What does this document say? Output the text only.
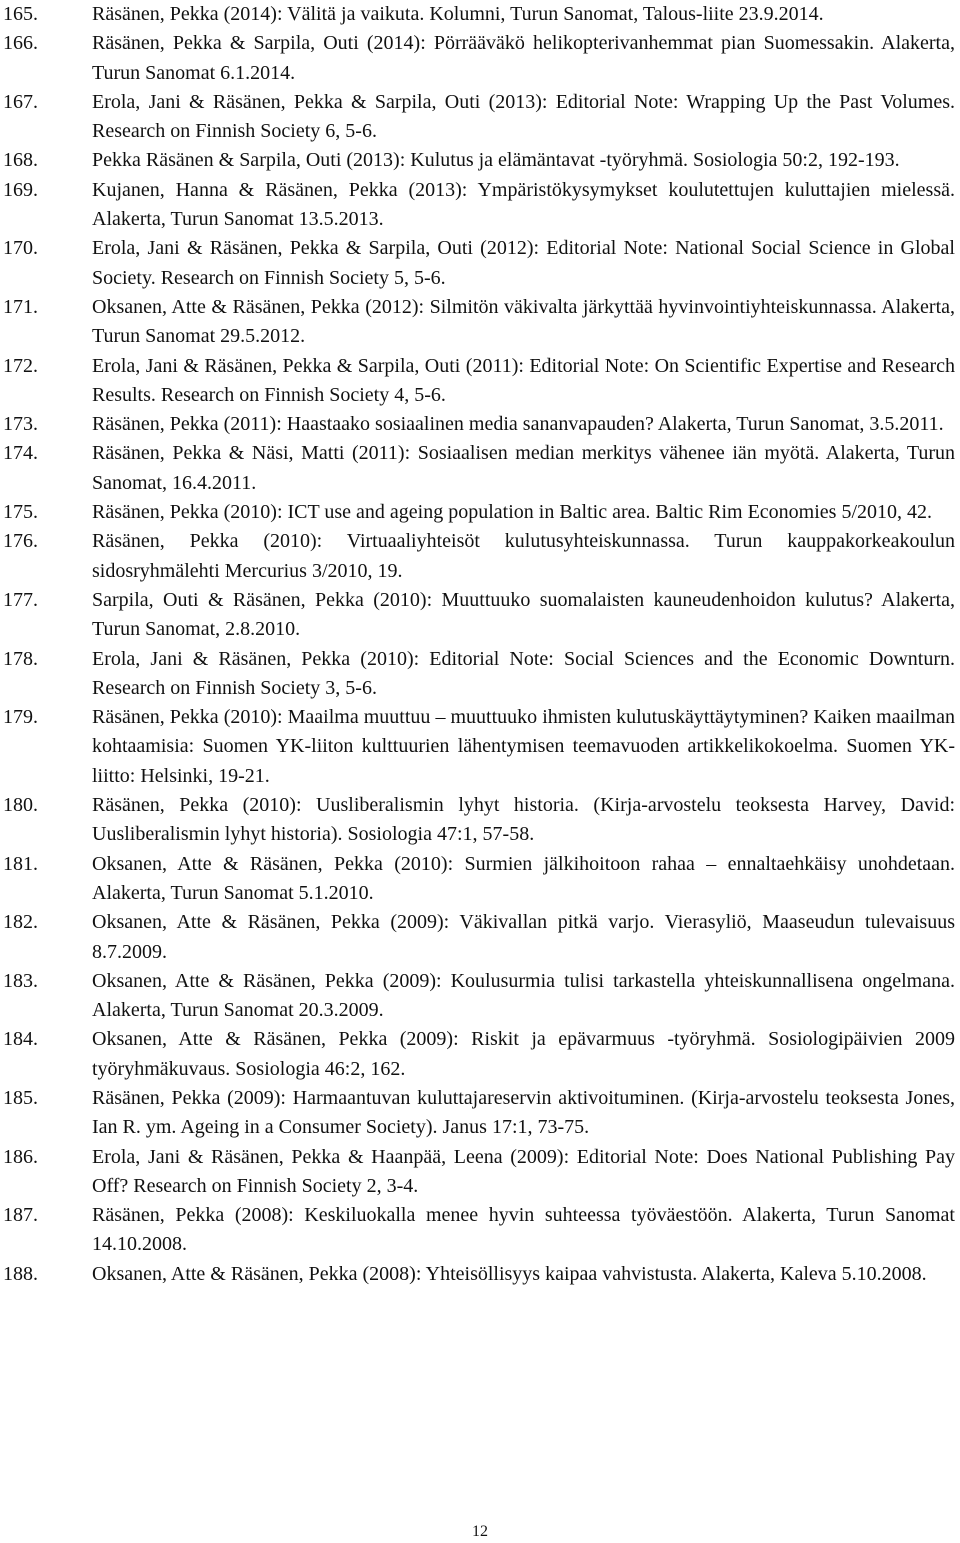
165.	Räsänen, Pekka (2014): Välitä ja vaikuta. Kolumni, Turun Sanomat, Talous-liite 23.9.2014.
166.	Räsänen, Pekka & Sarpila, Outi (2014): Pörrääväkö helikopterivanhemmat pian Suomessakin. Alakerta, Turun Sanomat 6.1.2014.
167.	Erola, Jani & Räsänen, Pekka & Sarpila, Outi (2013): Editorial Note: Wrapping Up the Past Volumes. Research on Finnish Society 6, 5-6.
168.	Pekka Räsänen & Sarpila, Outi (2013): Kulutus ja elämäntavat -työryhmä. Sosiologia 50:2, 192-193.
169.	Kujanen, Hanna & Räsänen, Pekka (2013): Ympäristökysymykset koulutettujen kuluttajien mielessä. Alakerta, Turun Sanomat 13.5.2013.
170.	Erola, Jani & Räsänen, Pekka & Sarpila, Outi (2012): Editorial Note: National Social Science in Global Society. Research on Finnish Society 5, 5-6.
171.	Oksanen, Atte & Räsänen, Pekka (2012): Silmitön väkivalta järkyttää hyvinvointiyhteiskunnassa. Alakerta, Turun Sanomat 29.5.2012.
172.	Erola, Jani & Räsänen, Pekka & Sarpila, Outi (2011): Editorial Note: On Scientific Expertise and Research Results. Research on Finnish Society 4, 5-6.
173.	Räsänen, Pekka (2011): Haastaako sosiaalinen media sananvapauden? Alakerta, Turun Sanomat, 3.5.2011.
174.	Räsänen, Pekka & Näsi, Matti (2011): Sosiaalisen median merkitys vähenee iän myötä. Alakerta, Turun Sanomat, 16.4.2011.
175.	Räsänen, Pekka (2010): ICT use and ageing population in Baltic area. Baltic Rim Economies 5/2010, 42.
176.	Räsänen, Pekka (2010): Virtuaaliyhteisöt kulutusyhteiskunnassa. Turun kauppakorkeakoulun sidosryhmälehti Mercurius 3/2010, 19.
177.	Sarpila, Outi & Räsänen, Pekka (2010): Muuttuuko suomalaisten kauneudenhoidon kulutus? Alakerta, Turun Sanomat, 2.8.2010.
178.	Erola, Jani & Räsänen, Pekka (2010): Editorial Note: Social Sciences and the Economic Downturn. Research on Finnish Society 3, 5-6.
179.	Räsänen, Pekka (2010): Maailma muuttuu – muuttuuko ihmisten kulutuskäyttäytyminen? Kaiken maailman kohtaamisia: Suomen YK-liiton kulttuurien lähentymisen teemavuoden artikkelikokoelma. Suomen YK-liitto: Helsinki, 19-21.
180.	Räsänen, Pekka (2010): Uusliberalismin lyhyt historia. (Kirja-arvostelu teoksesta Harvey, David: Uusliberalismin lyhyt historia). Sosiologia 47:1, 57-58.
181.	Oksanen, Atte & Räsänen, Pekka (2010): Surmien jälkihoitoon rahaa – ennaltaehkäisy unohdetaan. Alakerta, Turun Sanomat 5.1.2010.
182.	Oksanen, Atte & Räsänen, Pekka (2009): Väkivallan pitkä varjo. Vierasyliö, Maaseudun tulevaisuus 8.7.2009.
183.	Oksanen, Atte & Räsänen, Pekka (2009): Koulusurmia tulisi tarkastella yhteiskunnallisena ongelmana. Alakerta, Turun Sanomat 20.3.2009.
184.	Oksanen, Atte & Räsänen, Pekka (2009): Riskit ja epävarmuus -työryhmä. Sosiologipäivien 2009 työryhmäkuvaus. Sosiologia 46:2, 162.
185.	Räsänen, Pekka (2009): Harmaantuvan kuluttajareservin aktivoituminen. (Kirja-arvostelu teoksesta Jones, Ian R. ym. Ageing in a Consumer Society). Janus 17:1, 73-75.
186.	Erola, Jani & Räsänen, Pekka & Haanpää, Leena (2009): Editorial Note: Does National Publishing Pay Off? Research on Finnish Society 2, 3-4.
187.	Räsänen, Pekka (2008): Keskiluokalla menee hyvin suhteessa työväestöön. Alakerta, Turun Sanomat 14.10.2008.
188.	Oksanen, Atte & Räsänen, Pekka (2008): Yhteisöllisyys kaipaa vahvistusta. Alakerta, Kaleva 5.10.2008.
12
